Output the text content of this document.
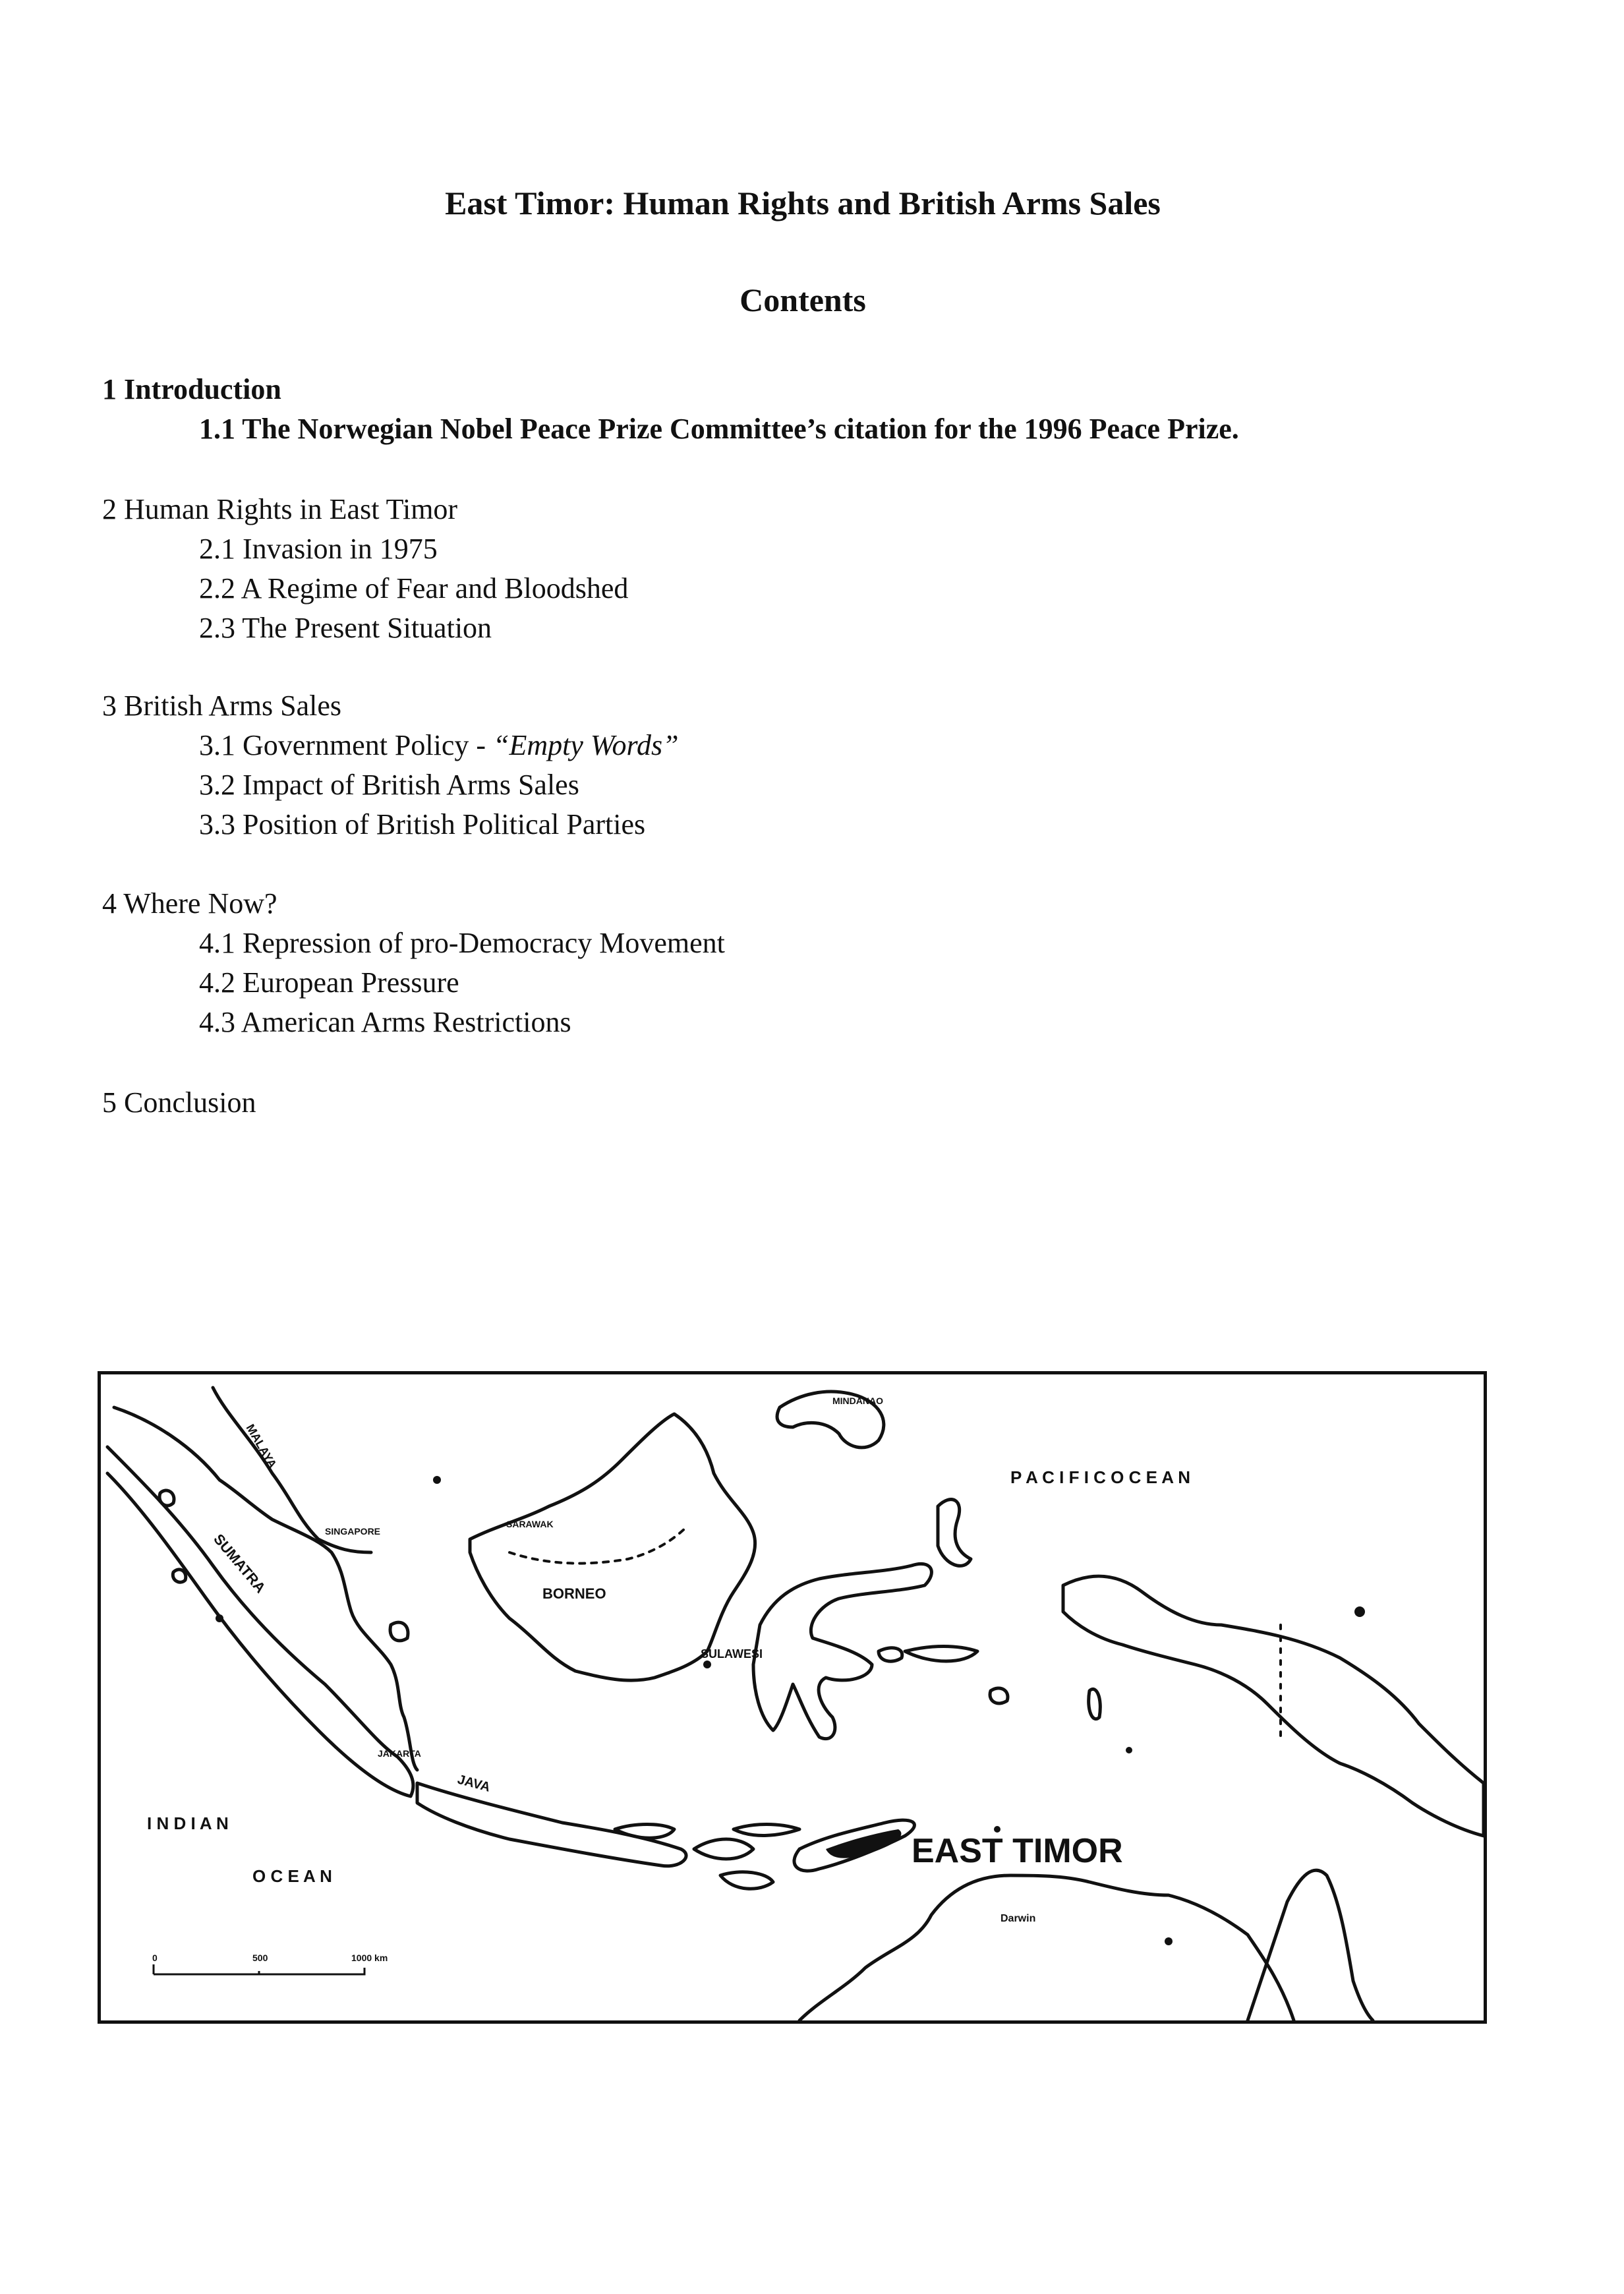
East Timor: Human Rights and British Arms Sales
Contents
1 Introduction
1.1 The Norwegian Nobel Peace Prize Committee’s citation for the 1996 Peace Prize.
2 Human Rights in East Timor
2.1 Invasion in 1975
2.2 A Regime of Fear and Bloodshed
2.3 The Present Situation
3 British Arms Sales
3.1 Government Policy - “Empty Words”
3.2 Impact of British Arms Sales
3.3 Position of British Political Parties
4 Where Now?
4.1 Repression of pro-Democracy Movement
4.2 European Pressure
4.3 American Arms Restrictions
5 Conclusion
P A C I F I C O C E A N
I N D I A N
O C E A N
MALAYA
SUMATRA	BORNEO
SULAWESI
JAVA
EAST TIMOR
MINDANAO
SARAWAK
SINGAPORE
JAKARTA
Darwin
0	500	1000 km
